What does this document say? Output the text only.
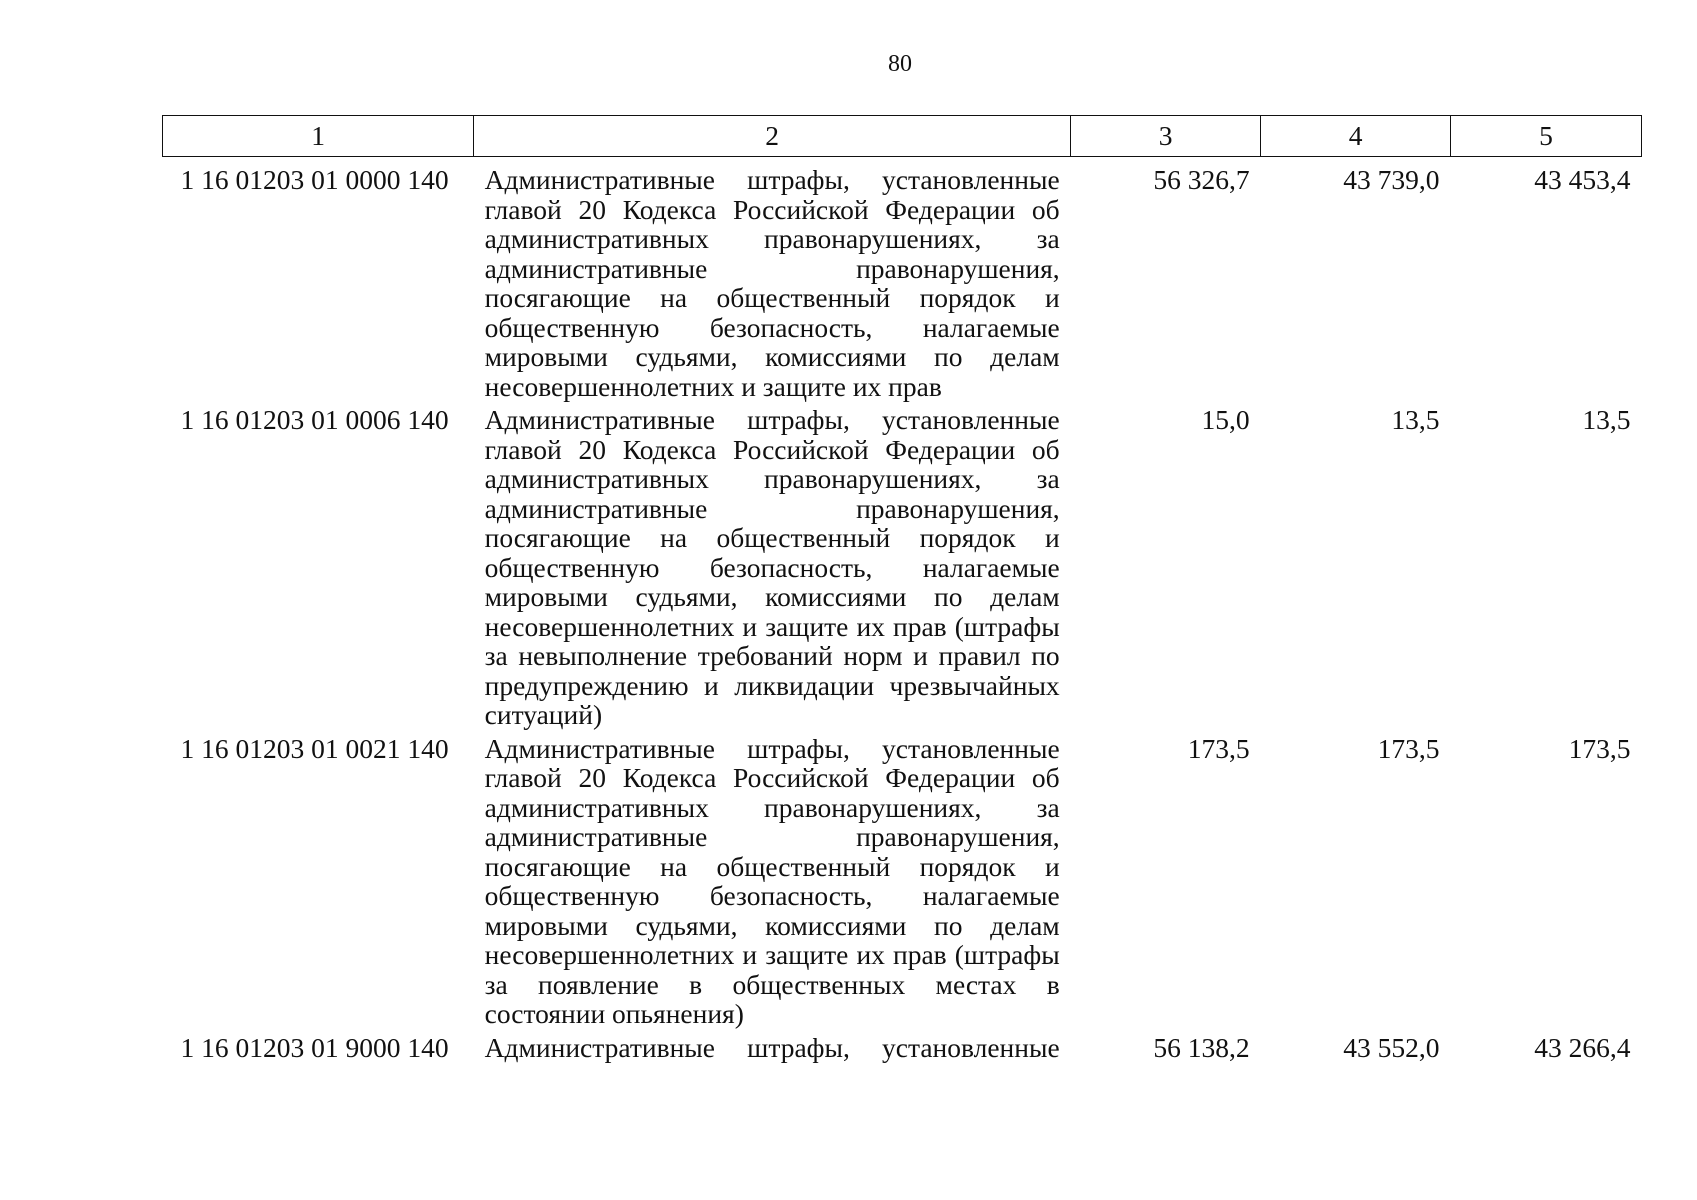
80
1	2	3	4	5
1 16 01203 01 0000 140	Административные штрафы, установленные главой 20 Кодекса Российской Федерации об административных правонарушениях, за административные правонарушения, посягающие на общественный порядок и общественную безопасность, налагаемые мировыми судьями, комиссиями по делам несовершеннолетних и защите их прав	56 326,7	43 739,0	43 453,4
1 16 01203 01 0006 140	Административные штрафы, установленные главой 20 Кодекса Российской Федерации об административных правонарушениях, за административные правонарушения, посягающие на общественный порядок и общественную безопасность, налагаемые мировыми судьями, комиссиями по делам несовершеннолетних и защите их прав (штрафы за невыполнение требований норм и правил по предупреждению и ликвидации чрезвычайных ситуаций)	15,0	13,5	13,5
1 16 01203 01 0021 140	Административные штрафы, установленные главой 20 Кодекса Российской Федерации об административных правонарушениях, за административные правонарушения, посягающие на общественный порядок и общественную безопасность, налагаемые мировыми судьями, комиссиями по делам несовершеннолетних и защите их прав (штрафы за появление в общественных местах в состоянии опьянения)	173,5	173,5	173,5
1 16 01203 01 9000 140	Административные штрафы, установленные	56 138,2	43 552,0	43 266,4
